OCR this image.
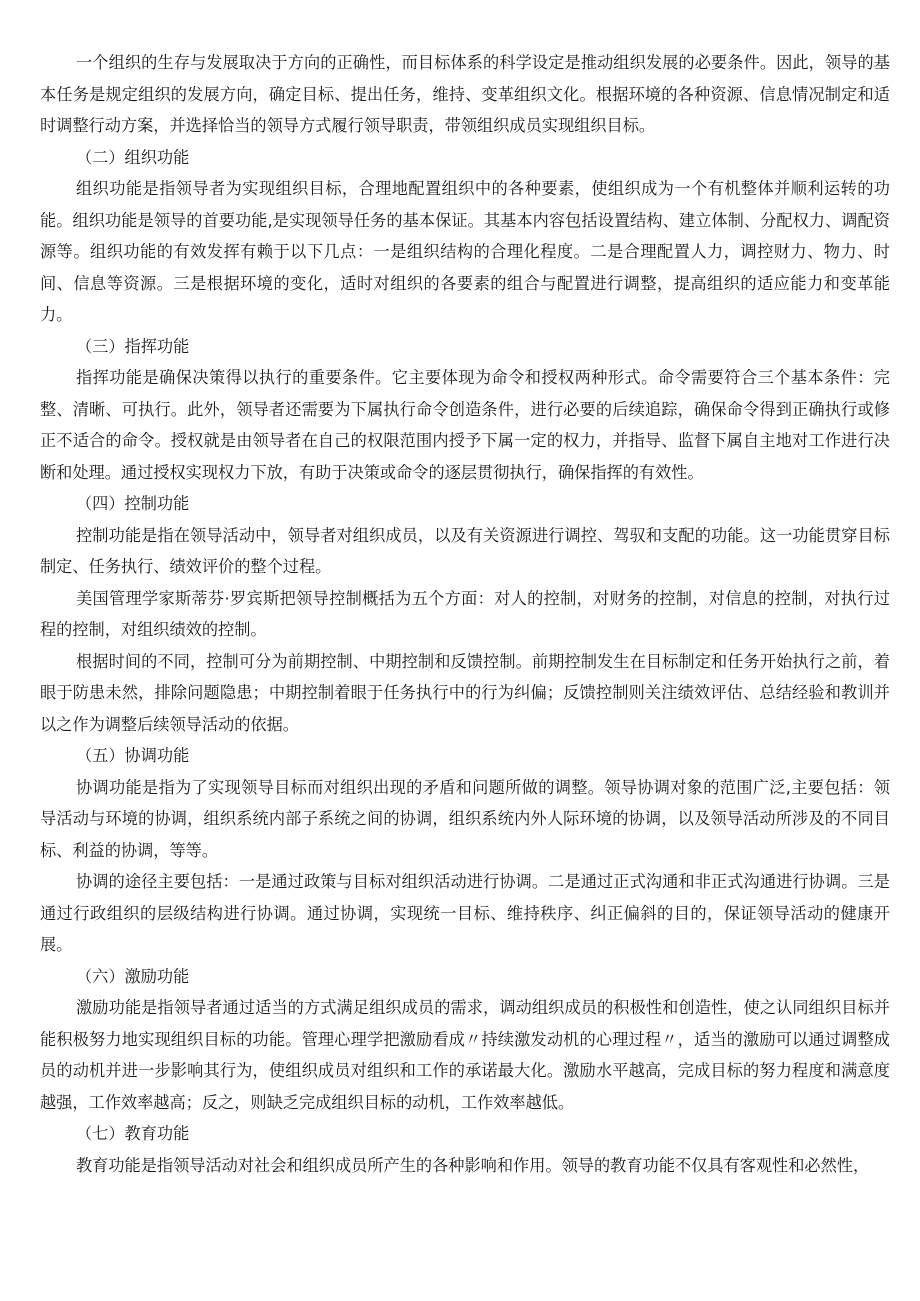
一个组织的生存与发展取决于方向的正确性，而目标体系的科学设定是推动组织发展的必要条件。因此，领导的基本任务是规定组织的发展方向，确定目标、提出任务，维持、变革组织文化。根据环境的各种资源、信息情况制定和适时调整行动方案，并选择恰当的领导方式履行领导职责，带领组织成员实现组织目标。

（二）组织功能

组织功能是指领导者为实现组织目标，合理地配置组织中的各种要素，使组织成为一个有机整体并顺利运转的功能。组织功能是领导的首要功能,是实现领导任务的基本保证。其基本内容包括设置结构、建立体制、分配权力、调配资源等。组织功能的有效发挥有赖于以下几点：一是组织结构的合理化程度。二是合理配置人力，调控财力、物力、时间、信息等资源。三是根据环境的变化，适时对组织的各要素的组合与配置进行调整，提高组织的适应能力和变革能力。

（三）指挥功能

指挥功能是确保决策得以执行的重要条件。它主要体现为命令和授权两种形式。命令需要符合三个基本条件：完整、清晰、可执行。此外，领导者还需要为下属执行命令创造条件，进行必要的后续追踪，确保命令得到正确执行或修正不适合的命令。授权就是由领导者在自己的权限范围内授予下属一定的权力，并指导、监督下属自主地对工作进行决断和处理。通过授权实现权力下放，有助于决策或命令的逐层贯彻执行，确保指挥的有效性。

（四）控制功能

控制功能是指在领导活动中，领导者对组织成员，以及有关资源进行调控、驾驭和支配的功能。这一功能贯穿目标制定、任务执行、绩效评价的整个过程。

美国管理学家斯蒂芬·罗宾斯把领导控制概括为五个方面：对人的控制，对财务的控制，对信息的控制，对执行过程的控制，对组织绩效的控制。

根据时间的不同，控制可分为前期控制、中期控制和反馈控制。前期控制发生在目标制定和任务开始执行之前，着眼于防患未然，排除问题隐患；中期控制着眼于任务执行中的行为纠偏；反馈控制则关注绩效评估、总结经验和教训并以之作为调整后续领导活动的依据。

（五）协调功能

协调功能是指为了实现领导目标而对组织出现的矛盾和问题所做的调整。领导协调对象的范围广泛,主要包括：领导活动与环境的协调，组织系统内部子系统之间的协调，组织系统内外人际环境的协调，以及领导活动所涉及的不同目标、利益的协调，等等。

协调的途径主要包括：一是通过政策与目标对组织活动进行协调。二是通过正式沟通和非正式沟通进行协调。三是通过行政组织的层级结构进行协调。通过协调，实现统一目标、维持秩序、纠正偏斜的目的，保证领导活动的健康开展。

（六）激励功能

激励功能是指领导者通过适当的方式满足组织成员的需求，调动组织成员的积极性和创造性，使之认同组织目标并能积极努力地实现组织目标的功能。管理心理学把激励看成〃持续激发动机的心理过程〃，适当的激励可以通过调整成员的动机并进一步影响其行为，使组织成员对组织和工作的承诺最大化。激励水平越高，完成目标的努力程度和满意度越强，工作效率越高；反之，则缺乏完成组织目标的动机，工作效率越低。

（七）教育功能

教育功能是指领导活动对社会和组织成员所产生的各种影响和作用。领导的教育功能不仅具有客观性和必然性，
